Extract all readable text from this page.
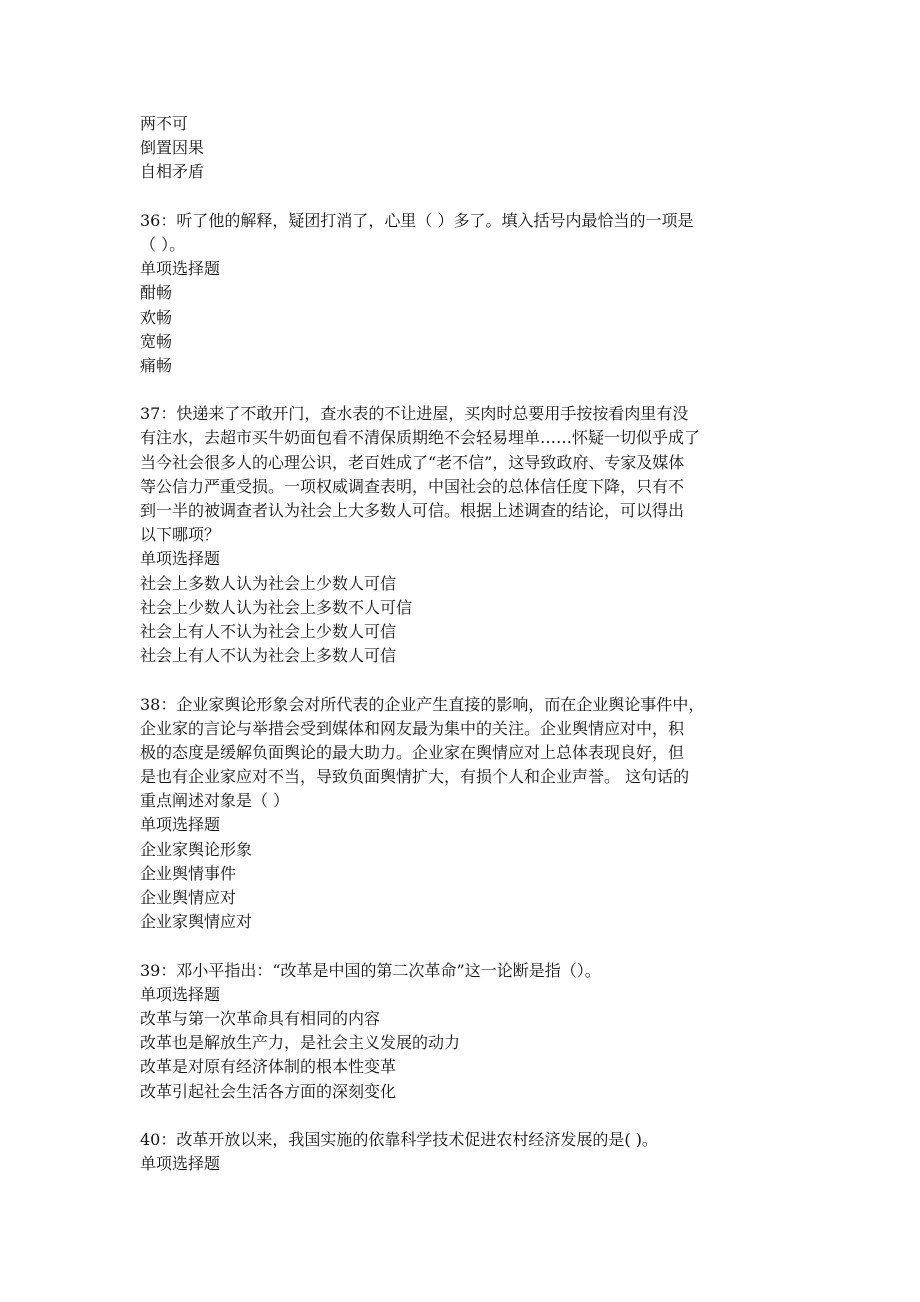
两不可
倒置因果
自相矛盾
36：听了他的解释，疑团打消了，心里（ ）多了。填入括号内最恰当的一项是
（ ）。
单项选择题
酣畅
欢畅
宽畅
痛畅
37：快递来了不敢开门，查水表的不让进屋，买肉时总要用手按按看肉里有没
有注水，去超市买牛奶面包看不清保质期绝不会轻易埋单……怀疑一切似乎成了
当今社会很多人的心理公识，老百姓成了“老不信”，这导致政府、专家及媒体
等公信力严重受损。一项权威调查表明，中国社会的总体信任度下降，只有不
到一半的被调查者认为社会上大多数人可信。根据上述调查的结论，可以得出
以下哪项？
单项选择题
社会上多数人认为社会上少数人可信
社会上少数人认为社会上多数不人可信
社会上有人不认为社会上少数人可信
社会上有人不认为社会上多数人可信
38：企业家舆论形象会对所代表的企业产生直接的影响，而在企业舆论事件中，
企业家的言论与举措会受到媒体和网友最为集中的关注。企业舆情应对中，积
极的态度是缓解负面舆论的最大助力。企业家在舆情应对上总体表现良好，但
是也有企业家应对不当，导致负面舆情扩大，有损个人和企业声誉。 这句话的
重点阐述对象是（ ）
单项选择题
企业家舆论形象
企业舆情事件
企业舆情应对
企业家舆情应对
39：邓小平指出：“改革是中国的第二次革命”这一论断是指（）。
单项选择题
改革与第一次革命具有相同的内容
改革也是解放生产力，是社会主义发展的动力
改革是对原有经济体制的根本性变革
改革引起社会生活各方面的深刻变化
40：改革开放以来，我国实施的依靠科学技术促进农村经济发展的是( )。
单项选择题
